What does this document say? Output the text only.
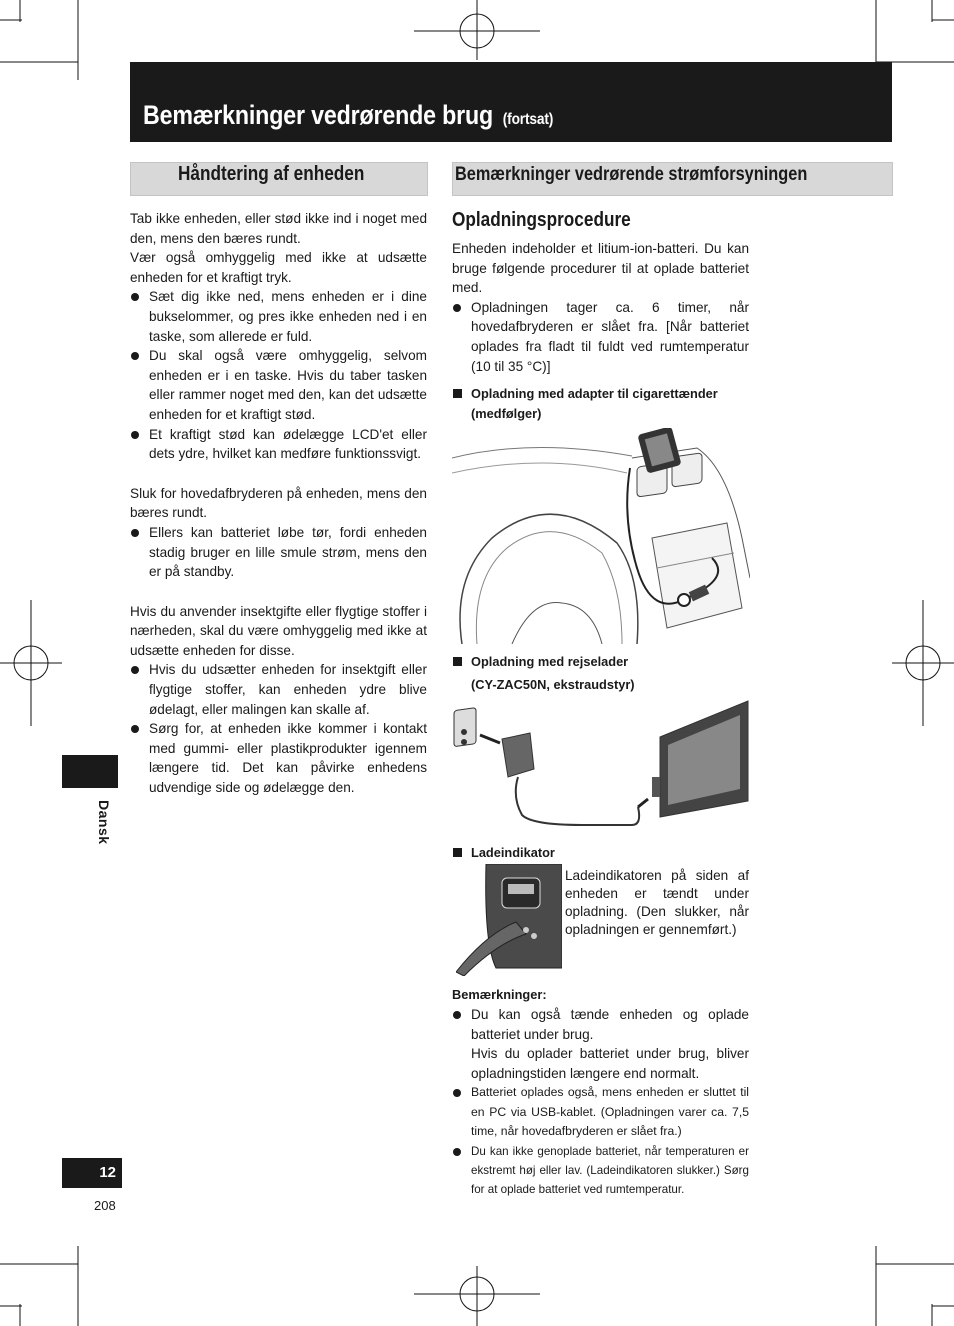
Bemærkninger vedrørende brug (fortsat)
Håndtering af enheden	Bemærkninger vedrørende strømforsyningen

Tab ikke enheden, eller stød ikke ind i noget med den, mens den bæres rundt.

Vær også omhyggelig med ikke at udsætte enheden for et kraftigt tryk.

Sæt dig ikke ned, mens enheden er i dine bukselommer, og pres ikke enheden ned i en taske, som allerede er fuld.
Du skal også være omhyggelig, selvom enheden er i en taske. Hvis du taber tasken eller rammer noget med den, kan det udsætte enheden for et kraftigt stød.
Et kraftigt stød kan ødelægge LCD'et eller dets ydre, hvilket kan medføre funktionssvigt.

Sluk for hovedafbryderen på enheden, mens den bæres rundt.

Ellers kan batteriet løbe tør, fordi enheden stadig bruger en lille smule strøm, mens den er på standby.

Hvis du anvender insektgifte eller flygtige stoffer i nærheden, skal du være omhyggelig med ikke at udsætte enheden for disse.

Hvis du udsætter enheden for insektgift eller flygtige stoffer, kan enheden ydre blive ødelagt, eller malingen kan skalle af.
Sørg for, at enheden ikke kommer i kontakt med gummi- eller plastikprodukter igennem længere tid. Det kan påvirke enhedens udvendige side og ødelægge den.
Opladningsprocedure

Enheden indeholder et litium-ion-batteri. Du kan bruge følgende procedurer til at oplade batteriet med.

Opladningen tager ca. 6 timer, når hovedafbryderen er slået fra. [Når batteriet oplades fra fladt til fuldt ved rumtemperatur (10 til 35 °C)]
Opladning med adapter til cigarettænder (medfølger)
Opladning med rejselader
(CY-ZAC50N, ekstraudstyr)
Ladeindikator
Ladeindikatoren på siden af enheden er tændt under opladning. (Den slukker, når opladningen er gennemført.)
Bemærkninger:
Du kan også tænde enheden og oplade batteriet under brug.
Hvis du oplader batteriet under brug, bliver opladningstiden længere end normalt.
Batteriet oplades også, mens enheden er sluttet til en PC via USB-kablet. (Opladningen varer ca. 7,5 time, når hovedafbryderen er slået fra.)
Du kan ikke genoplade batteriet, når temperaturen er ekstremt høj eller lav. (Ladeindikatoren slukker.) Sørg for at oplade batteriet ved rumtemperatur.
Dansk
12
208
